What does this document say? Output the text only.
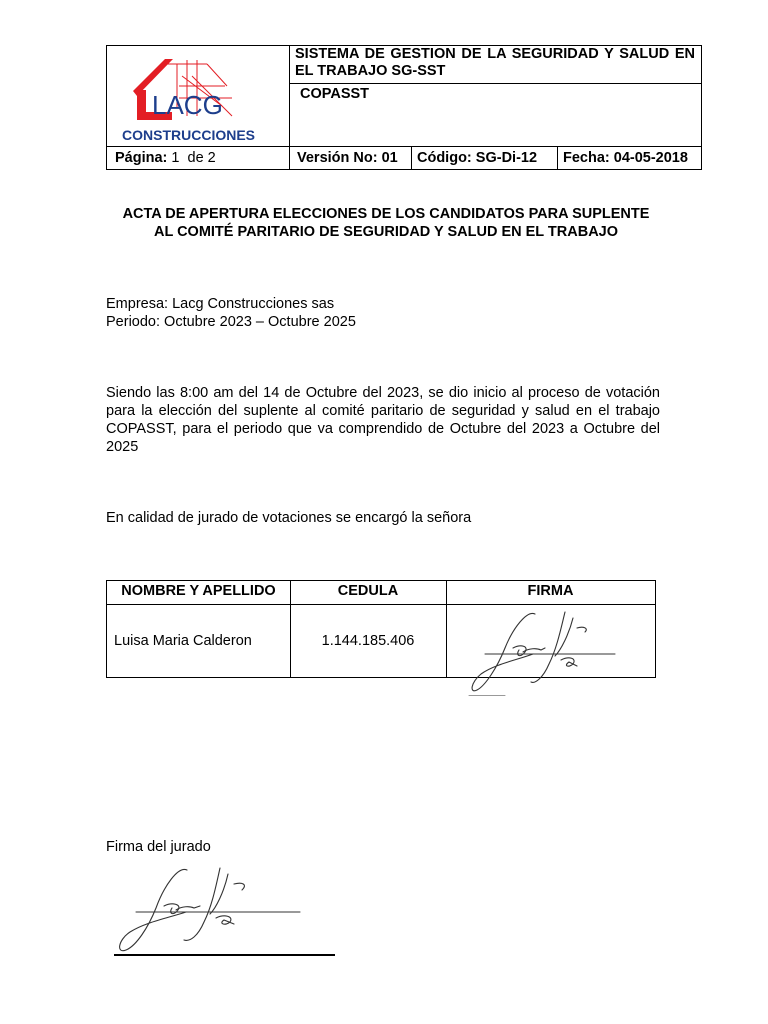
LACG
CONSTRUCCIONES
SISTEMA DE GESTION DE LA SEGURIDAD Y SALUD EN EL TRABAJO SG-SST
COPASST
Página: 1  de 2	Versión No: 01	Código: SG-Di-12	Fecha: 04-05-2018
ACTA DE APERTURA ELECCIONES DE LOS CANDIDATOS PARA SUPLENTE
AL COMITÉ PARITARIO DE SEGURIDAD Y SALUD EN EL TRABAJO
Empresa: Lacg Construcciones sas
Periodo: Octubre 2023 – Octubre 2025
Siendo las 8:00 am del 14 de Octubre del 2023, se dio inicio al proceso de votación para la elección del suplente al comité paritario de seguridad y salud en el trabajo COPASST, para el periodo que va comprendido de Octubre del 2023 a Octubre del 2025
En calidad de jurado de votaciones se encargó la señora
NOMBRE Y APELLIDO	CEDULA	FIRMA
Luisa Maria Calderon	1.144.185.406
Firma del jurado
